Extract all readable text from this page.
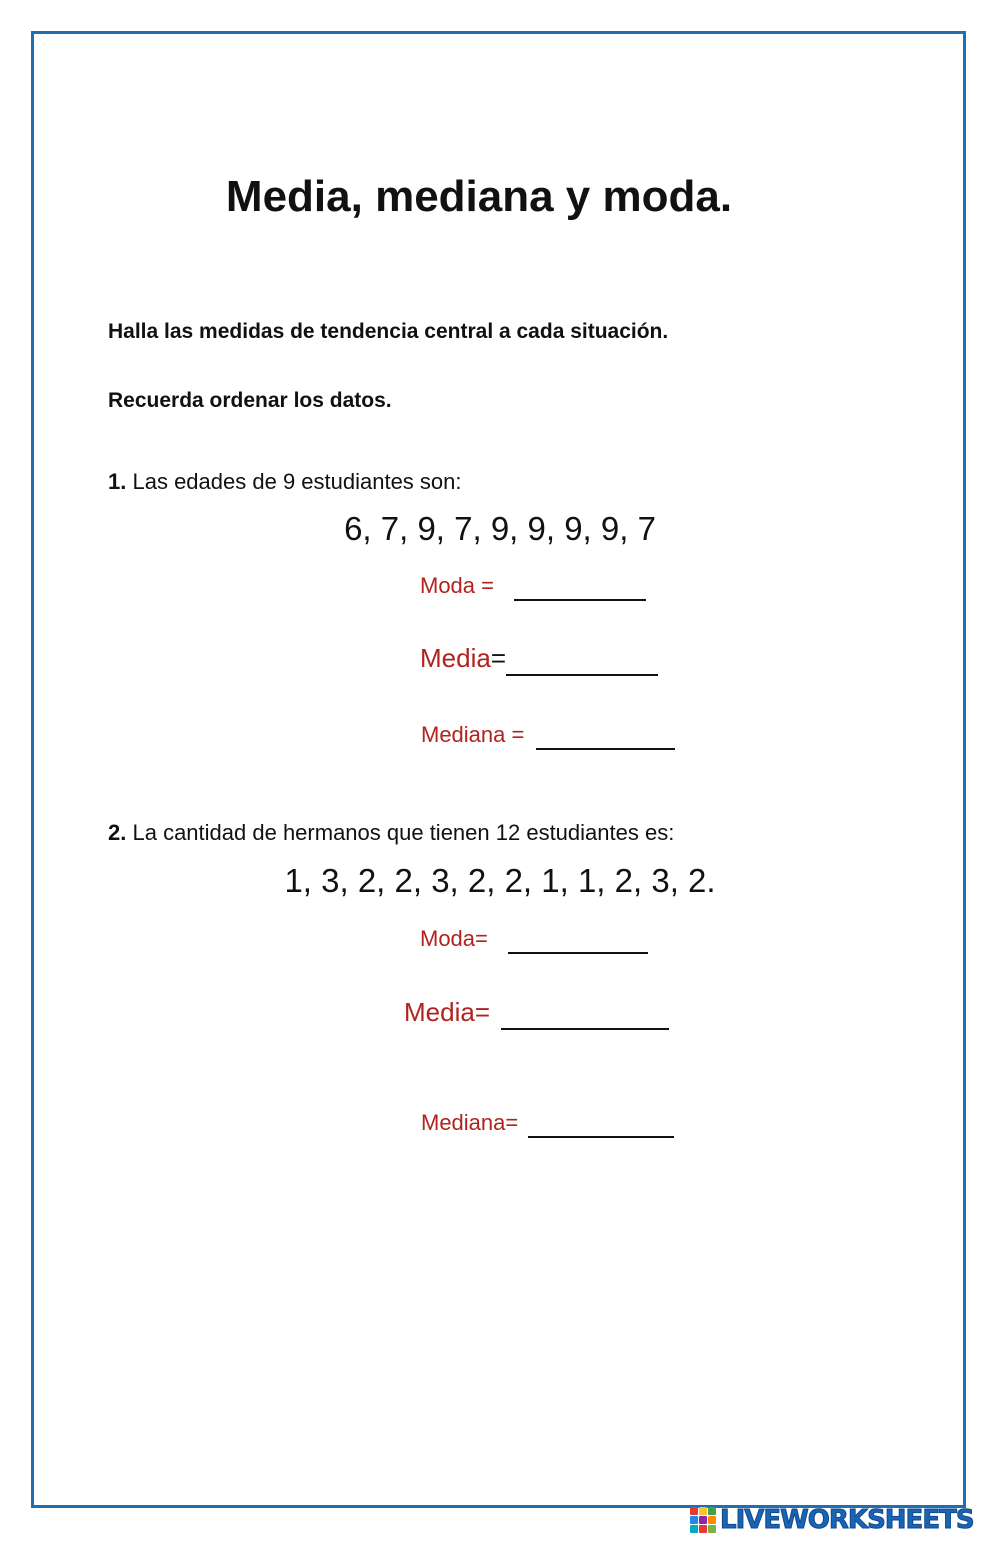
Media, mediana y moda.
Halla las medidas de tendencia central a cada situación.
Recuerda ordenar los datos.
1. Las edades de 9 estudiantes son:
6, 7, 9, 7, 9, 9, 9, 9, 7
Moda =
Media=
Mediana =
2. La cantidad de hermanos que tienen 12 estudiantes es:
1, 3, 2, 2, 3, 2, 2, 1, 1, 2, 3, 2.
Moda=
Media=
Mediana=
LIVEWORKSHEETS
